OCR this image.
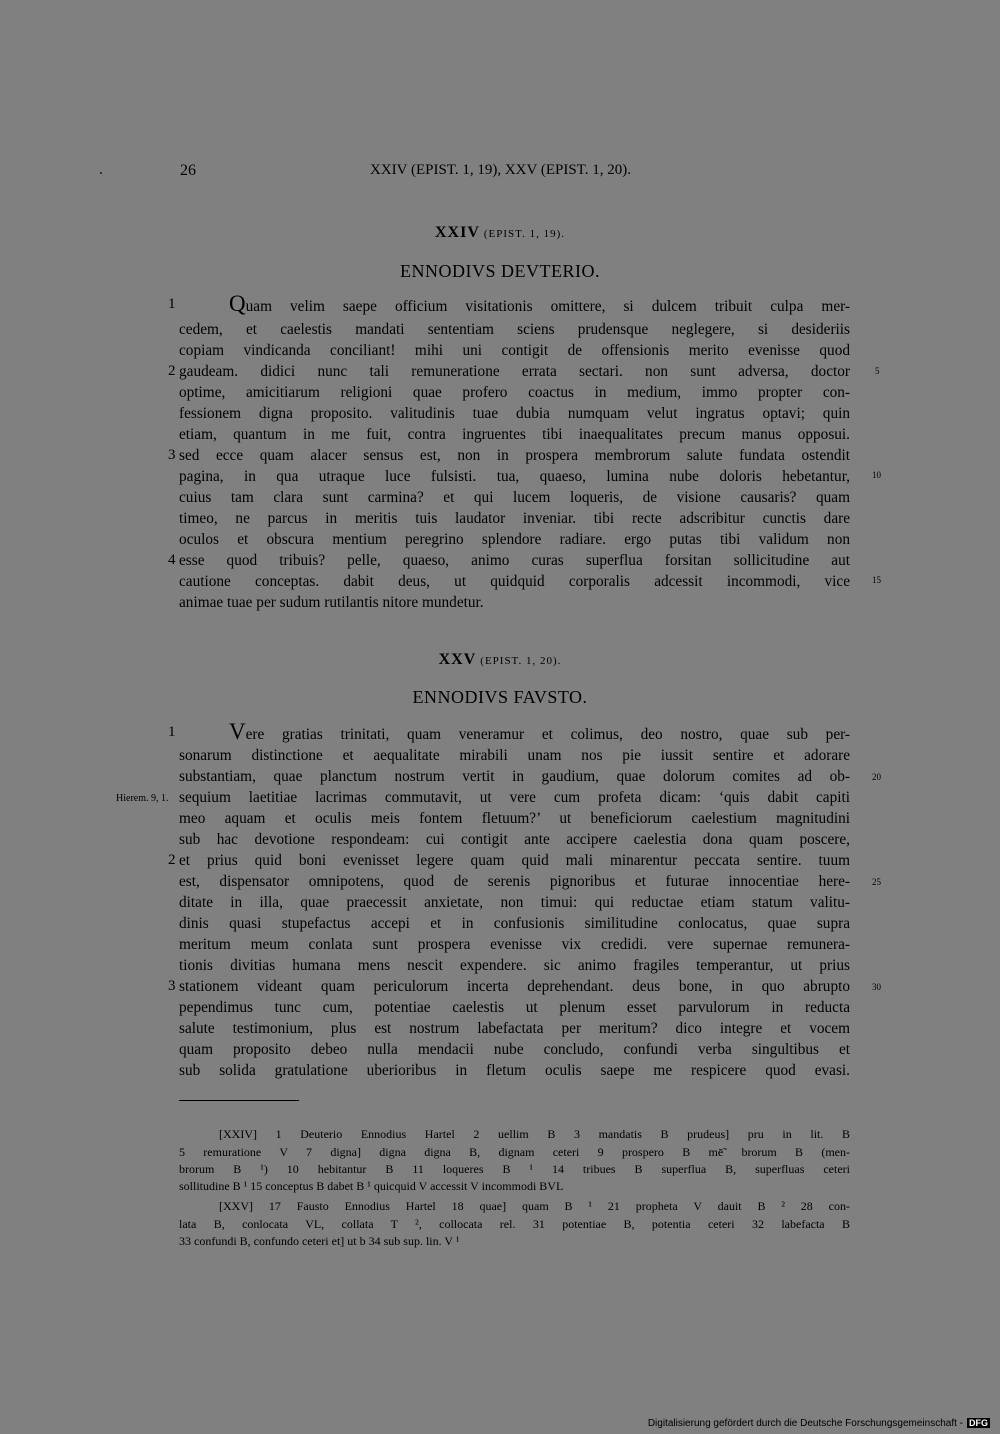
26	XXIV (EPIST. 1, 19), XXV (EPIST. 1, 20).
XXIV (EPIST. 1, 19).
ENNODIVS DEVTERIO.
Quam velim saepe officium visitationis omittere, si dulcem tribuit culpa mer-
cedem, et caelestis mandati sententiam sciens prudensque neglegere, si desideriis
copiam vindicanda conciliant! mihi uni contigit de offensionis merito evenisse quod
gaudeam. didici nunc tali remuneratione errata sectari. non sunt adversa, doctor
optime, amicitiarum religioni quae profero coactus in medium, immo propter con-
fessionem digna proposito. valitudinis tuae dubia numquam velut ingratus optavi; quin
etiam, quantum in me fuit, contra ingruentes tibi inaequalitates precum manus opposui.
sed ecce quam alacer sensus est, non in prospera membrorum salute fundata ostendit
pagina, in qua utraque luce fulsisti. tua, quaeso, lumina nube doloris hebetantur,
cuius tam clara sunt carmina? et qui lucem loqueris, de visione causaris? quam
timeo, ne parcus in meritis tuis laudator inveniar. tibi recte adscribitur cunctis dare
oculos et obscura mentium peregrino splendore radiare. ergo putas tibi validum non
esse quod tribuis? pelle, quaeso, animo curas superflua forsitan sollicitudine aut
cautione conceptas. dabit deus, ut quidquid corporalis adcessit incommodi, vice
animae tuae per sudum rutilantis nitore mundetur.
1
2
3
4
5
10
15
XXV (EPIST. 1, 20).
ENNODIVS FAVSTO.
Vere gratias trinitati, quam veneramur et colimus, deo nostro, quae sub per-
sonarum distinctione et aequalitate mirabili unam nos pie iussit sentire et adorare
substantiam, quae planctum nostrum vertit in gaudium, quae dolorum comites ad ob-
sequium laetitiae lacrimas commutavit, ut vere cum profeta dicam: ‘quis dabit capiti
meo aquam et oculis meis fontem fletuum?’ ut beneficiorum caelestium magnitudini
sub hac devotione respondeam: cui contigit ante accipere caelestia dona quam poscere,
et prius quid boni evenisset legere quam quid mali minarentur peccata sentire. tuum
est, dispensator omnipotens, quod de serenis pignoribus et futurae innocentiae here-
ditate in illa, quae praecessit anxietate, non timui: qui reductae etiam statum valitu-
dinis quasi stupefactus accepi et in confusionis similitudine conlocatus, quae supra
meritum meum conlata sunt prospera evenisse vix credidi. vere supernae remunera-
tionis divitias humana mens nescit expendere. sic animo fragiles temperantur, ut prius
stationem videant quam periculorum incerta deprehendant. deus bone, in quo abrupto
pependimus tunc cum, potentiae caelestis ut plenum esset parvulorum in reducta
salute testimonium, plus est nostrum labefactata per meritum? dico integre et vocem
quam proposito debeo nulla mendacii nube concludo, confundi verba singultibus et
sub solida gratulatione uberioribus in fletum oculis saepe me respicere quod evasi.
1
2
3
Hierem. 9, 1.
20
25
30
[XXIV] 1 Deuterio Ennodius Hartel 2 uellim B 3 mandatis B prudeus] pru in lit. B
5 remuratione V 7 digna] digna digna B, dignam ceteri 9 prospero B mē̃ brorum B (men-
brorum B ¹) 10 hebitantur B 11 loqueres B ¹ 14 tribues B superflua B, superfluas ceteri
sollitudine B ¹ 15 conceptus B dabet B ¹ quicquid V accessit V incommodi BVL
[XXV] 17 Fausto Ennodius Hartel 18 quae] quam B ¹ 21 propheta V dauit B ² 28 con-
lata B, conlocata VL, collata T ², collocata rel. 31 potentiae B, potentia ceteri 32 labefacta B
33 confundi B, confundo ceteri et] ut b 34 sub sup. lin. V ¹
Digitalisierung gefördert durch die Deutsche Forschungsgemeinschaft - DFG
